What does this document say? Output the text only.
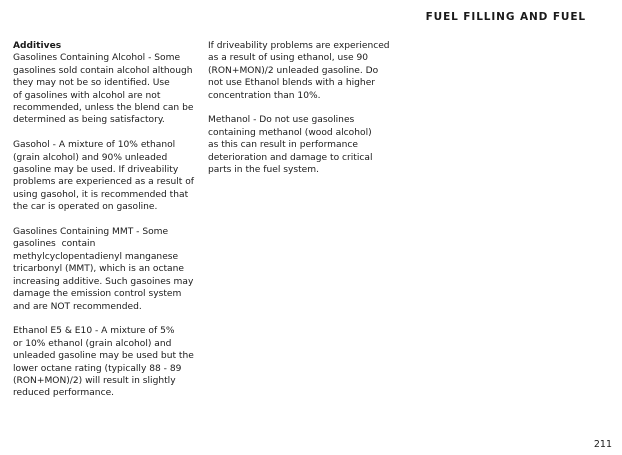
FUEL FILLING AND FUEL
Additives
Gasolines Containing Alcohol - Some
gasolines sold contain alcohol although
they may not be so identified. Use
of gasolines with alcohol are not
recommended, unless the blend can be
determined as being satisfactory.
Gasohol - A mixture of 10% ethanol
(grain alcohol) and 90% unleaded
gasoline may be used. If driveability
problems are experienced as a result of
using gasohol, it is recommended that
the car is operated on gasoline.
Gasolines Containing MMT - Some
gasolines  contain
methylcyclopentadienyl manganese
tricarbonyl (MMT), which is an octane
increasing additive. Such gasoines may
damage the emission control system
and are NOT recommended.
Ethanol E5 & E10 - A mixture of 5%
or 10% ethanol (grain alcohol) and
unleaded gasoline may be used but the
lower octane rating (typically 88 - 89
(RON+MON)/2) will result in slightly
reduced performance.
If driveability problems are experienced
as a result of using ethanol, use 90
(RON+MON)/2 unleaded gasoline. Do
not use Ethanol blends with a higher
concentration than 10%.
Methanol - Do not use gasolines
containing methanol (wood alcohol)
as this can result in performance
deterioration and damage to critical
parts in the fuel system.
211
